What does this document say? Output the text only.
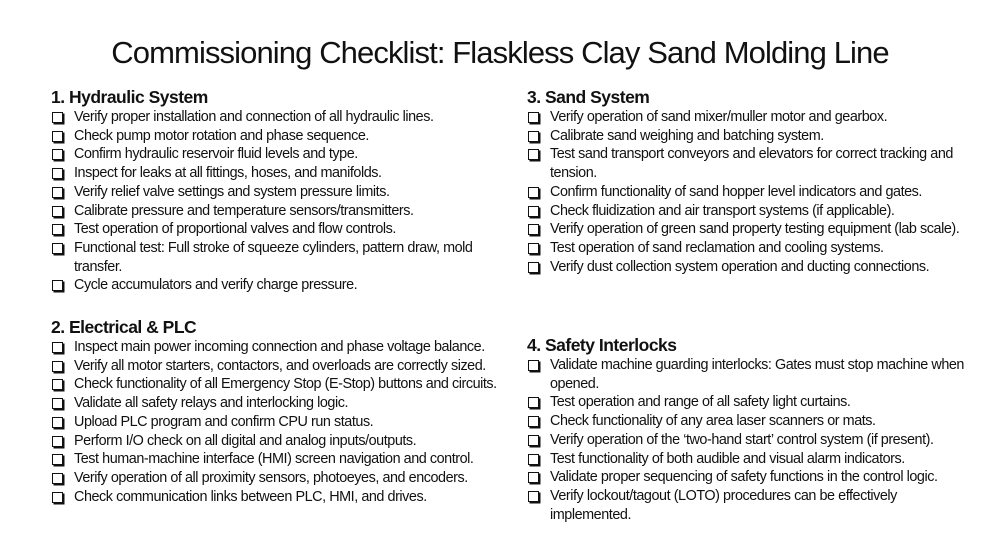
Commissioning Checklist: Flaskless Clay Sand Molding Line
1. Hydraulic System
Verify proper installation and connection of all hydraulic lines.
Check pump motor rotation and phase sequence.
Confirm hydraulic reservoir fluid levels and type.
Inspect for leaks at all fittings, hoses, and manifolds.
Verify relief valve settings and system pressure limits.
Calibrate pressure and temperature sensors/transmitters.
Test operation of proportional valves and flow controls.
Functional test: Full stroke of squeeze cylinders, pattern draw, mold transfer.
Cycle accumulators and verify charge pressure.
2. Electrical & PLC
Inspect main power incoming connection and phase voltage balance.
Verify all motor starters, contactors, and overloads are correctly sized.
Check functionality of all Emergency Stop (E-Stop) buttons and circuits.
Validate all safety relays and interlocking logic.
Upload PLC program and confirm CPU run status.
Perform I/O check on all digital and analog inputs/outputs.
Test human-machine interface (HMI) screen navigation and control.
Verify operation of all proximity sensors, photoeyes, and encoders.
Check communication links between PLC, HMI, and drives.
3. Sand System
Verify operation of sand mixer/muller motor and gearbox.
Calibrate sand weighing and batching system.
Test sand transport conveyors and elevators for correct tracking and tension.
Confirm functionality of sand hopper level indicators and gates.
Check fluidization and air transport systems (if applicable).
Verify operation of green sand property testing equipment (lab scale).
Test operation of sand reclamation and cooling systems.
Verify dust collection system operation and ducting connections.
4. Safety Interlocks
Validate machine guarding interlocks: Gates must stop machine when opened.
Test operation and range of all safety light curtains.
Check functionality of any area laser scanners or mats.
Verify operation of the ‘two-hand start’ control system (if present).
Test functionality of both audible and visual alarm indicators.
Validate proper sequencing of safety functions in the control logic.
Verify lockout/tagout (LOTO) procedures can be effectively implemented.
